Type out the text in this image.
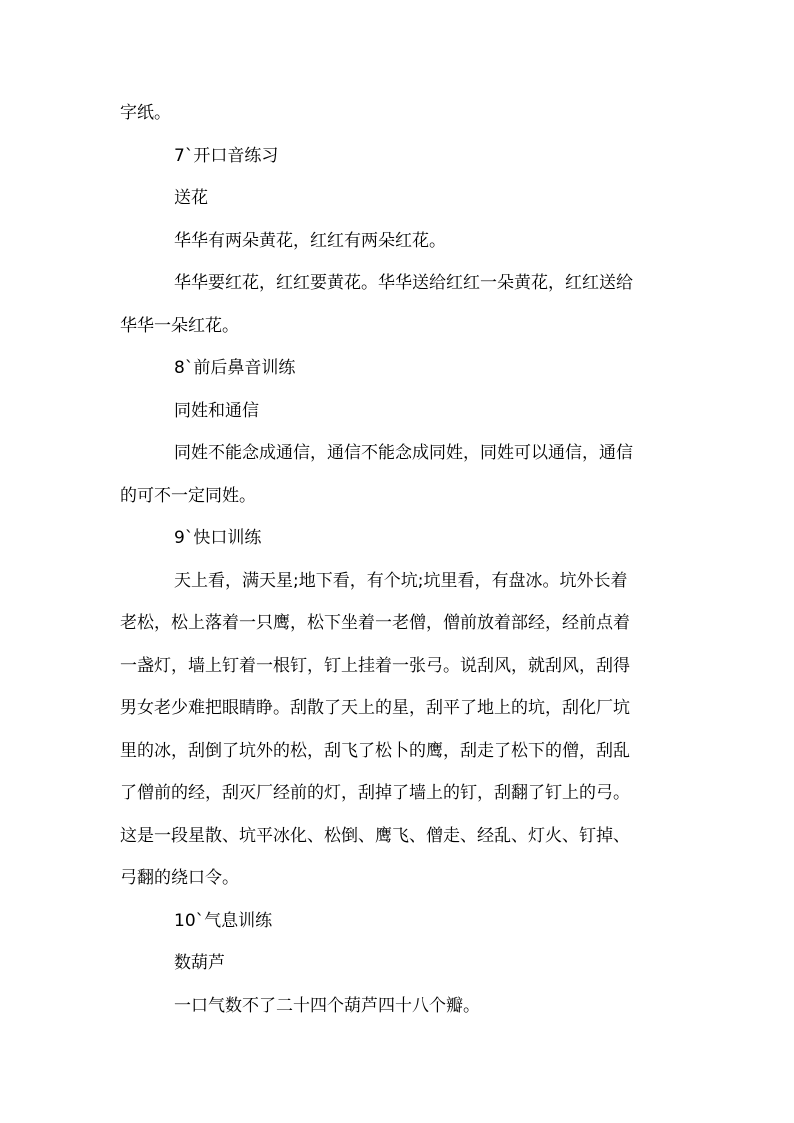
字纸。
7`开口音练习
送花
华华有两朵黄花，红红有两朵红花。
华华要红花，红红要黄花。华华送给红红一朵黄花，红红送给
华华一朵红花。
8`前后鼻音训练
同姓和通信
同姓不能念成通信，通信不能念成同姓，同姓可以通信，通信
的可不一定同姓。
9`快口训练
天上看，满天星;地下看，有个坑;坑里看，有盘冰。坑外长着
老松，松上落着一只鹰，松下坐着一老僧，僧前放着部经，经前点着
一盏灯，墙上钉着一根钉，钉上挂着一张弓。说刮风，就刮风，刮得
男女老少难把眼睛睁。刮散了天上的星，刮平了地上的坑，刮化厂坑
里的冰，刮倒了坑外的松，刮飞了松卜的鹰，刮走了松下的僧，刮乱
了僧前的经，刮灭厂经前的灯，刮掉了墙上的钉，刮翻了钉上的弓。
这是一段星散、坑平冰化、松倒、鹰飞、僧走、经乱、灯火、钉掉、
弓翻的绕口令。
10`气息训练
数葫芦
一口气数不了二十四个葫芦四十八个瓣。
